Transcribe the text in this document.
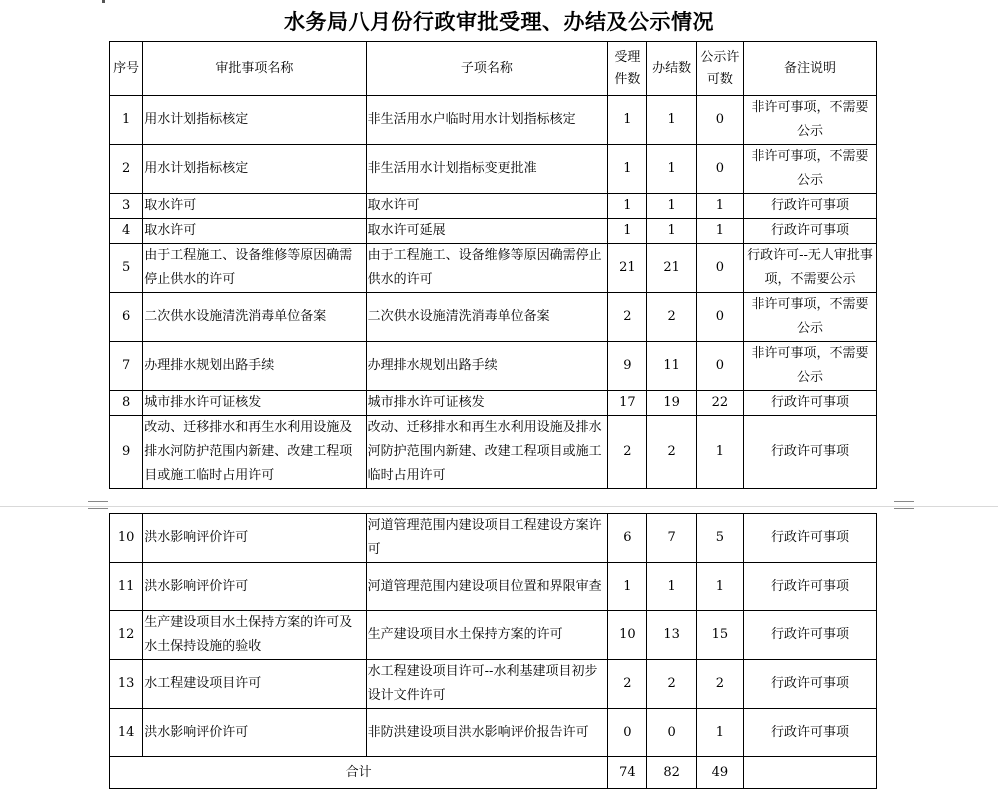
水务局八月份行政审批受理、办结及公示情况
序号	审批事项名称	子项名称	受理件数	办结数	公示许可数	备注说明
1	用水计划指标核定	非生活用水户临时用水计划指标核定	1	1	0	非许可事项，不需要公示
2	用水计划指标核定	非生活用水计划指标变更批准	1	1	0	非许可事项，不需要公示
3	取水许可	取水许可	1	1	1	行政许可事项
4	取水许可	取水许可延展	1	1	1	行政许可事项
5	由于工程施工、设备维修等原因确需停止供水的许可	由于工程施工、设备维修等原因确需停止供水的许可	21	21	0	行政许可--无人审批事项，不需要公示
6	二次供水设施清洗消毒单位备案	二次供水设施清洗消毒单位备案	2	2	0	非许可事项，不需要公示
7	办理排水规划出路手续	办理排水规划出路手续	9	11	0	非许可事项，不需要公示
8	城市排水许可证核发	城市排水许可证核发	17	19	22	行政许可事项
9	改动、迁移排水和再生水利用设施及排水河防护范围内新建、改建工程项目或施工临时占用许可	改动、迁移排水和再生水利用设施及排水河防护范围内新建、改建工程项目或施工临时占用许可	2	2	1	行政许可事项
10	洪水影响评价许可	河道管理范围内建设项目工程建设方案许可	6	7	5	行政许可事项
11	洪水影响评价许可	河道管理范围内建设项目位置和界限审查	1	1	1	行政许可事项
12	生产建设项目水土保持方案的许可及水土保持设施的验收	生产建设项目水土保持方案的许可	10	13	15	行政许可事项
13	水工程建设项目许可	水工程建设项目许可--水利基建项目初步设计文件许可	2	2	2	行政许可事项
14	洪水影响评价许可	非防洪建设项目洪水影响评价报告许可	0	0	1	行政许可事项
合计			74	82	49	
